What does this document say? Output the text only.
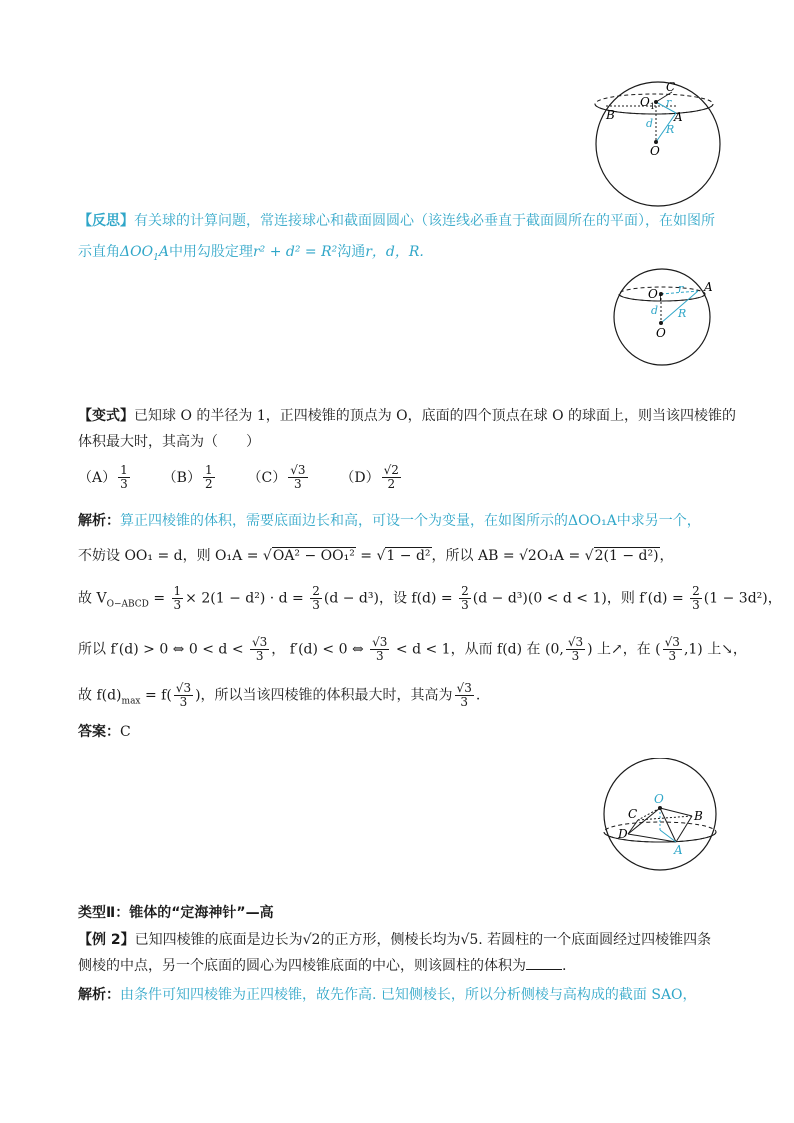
C
$O_1$ r
B	A
d R
O
【反思】有关球的计算问题，常连接球心和截面圆圆心（该连线必垂直于截面圆所在的平面），在如图所
示直角$\Delta OO_1A$中用勾股定理r² + d² = R²沟通r，d，R.
$O_1$
A
r
d R
O
【变式】已知球 O 的半径为 1，正四棱锥的顶点为 O，底面的四个顶点在球 O 的球面上，则当该四棱锥的
体积最大时，其高为（　　）
$(A) \frac{1}{3} (B) \frac{1}{2} (C) \frac{√3}{3} (D) \frac{√2}{2}$
解析：算正四棱锥的体积，需要底面边长和高，可设一个为变量，在如图所示的ΔOO₁A中求另一个，
不妨设 OO₁ = d，则 O₁A = √OA² − OO₁² = √1 − d²，所以 AB = √2O₁A = √2(1 − d²)，
故 $V_{O-ABCD} = \frac{1}{3} \times 2(1 - d^2) \cdot d = \frac{2}{3} (d - d^3)$，设 $f(d) = \frac{2}{3} (d - d^3)(0 < d < 1)$，则 $f'(d) = \frac{2}{3} (1 - 3d^2)$，
所以 f′(d) > 0 ⇔ $0 < d < \frac{√3}{3}$ ， f′(d) < 0 ⇔ $\frac{√3}{3} < d < 1$，从而 f(d) 在 (0, $\frac{√3}{3}$ ) 上↗，在 ( $\frac{√3}{3} ,1$) 上↘，
故 $f(d)_{max} = f( \frac{√3}{3}$ )，所以当该四棱锥的体积最大时，其高为 $\frac{√3}{3}$ .
答案：C
O
C	B
D
A
类型Ⅱ：锥体的“定海神针”—高
【例 2】已知四棱锥的底面是边长为√2的正方形，侧棱长均为√5. 若圆柱的一个底面圆经过四棱锥四条
侧棱的中点，另一个底面的圆心为四棱锥底面的中心，则该圆柱的体积为	.
解析：由条件可知四棱锥为正四棱锥，故先作高. 已知侧棱长，所以分析侧棱与高构成的截面 SAO，
